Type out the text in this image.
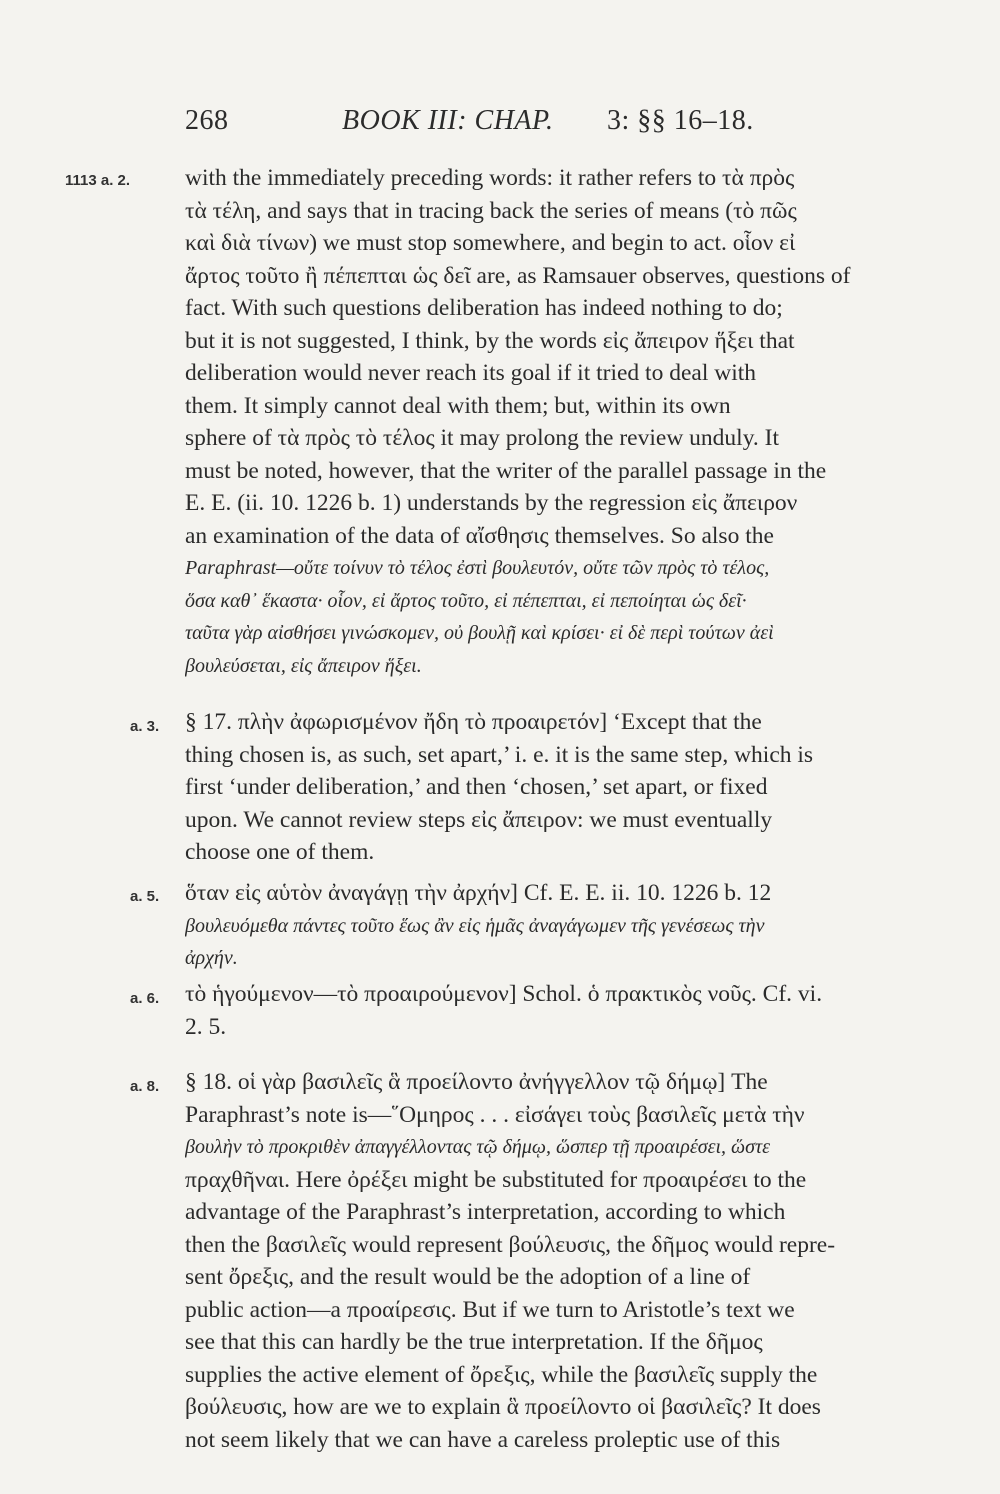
268	BOOK III: CHAP. 3: §§ 16–18.
1113 a. 2. with the immediately preceding words: it rather refers to τὰ πρὸς
τὰ τέλη, and says that in tracing back the series of means (τὸ πῶς
καὶ διὰ τίνων) we must stop somewhere, and begin to act. οἷον εἰ
ἄρτος τοῦτο ἢ πέπεπται ὡς δεῖ are, as Ramsauer observes, questions of
fact. With such questions deliberation has indeed nothing to do;
but it is not suggested, I think, by the words εἰς ἄπειρον ἥξει that
deliberation would never reach its goal if it tried to deal with
them. It simply cannot deal with them; but, within its own
sphere of τὰ πρὸς τὸ τέλος it may prolong the review unduly. It
must be noted, however, that the writer of the parallel passage in the
E. E. (ii. 10. 1226 b. 1) understands by the regression εἰς ἄπειρον
an examination of the data of αἴσθησις themselves. So also the
Paraphrast—οὔτε τοίνυν τὸ τέλος ἐστὶ βουλευτόν, οὔτε τῶν πρὸς τὸ τέλος,
ὅσα καθ᾽ ἕκαστα· οἷον, εἰ ἄρτος τοῦτο, εἰ πέπεπται, εἰ πεποίηται ὡς δεῖ·
ταῦτα γὰρ αἰσθήσει γινώσκομεν, οὐ βουλῇ καὶ κρίσει· εἰ δὲ περὶ τούτων ἀεὶ
βουλεύσεται, εἰς ἄπειρον ἥξει.
a. 3. § 17. πλὴν ἀφωρισμένον ἤδη τὸ προαιρετόν] ‘Except that the
thing chosen is, as such, set apart,’ i. e. it is the same step, which is
first ‘under deliberation,’ and then ‘chosen,’ set apart, or fixed
upon. We cannot review steps εἰς ἄπειρον: we must eventually
choose one of them.
a. 5. ὅταν εἰς αὑτὸν ἀναγάγῃ τὴν ἀρχήν] Cf. E. E. ii. 10. 1226 b. 12
βουλευόμεθα πάντες τοῦτο ἕως ἂν εἰς ἡμᾶς ἀναγάγωμεν τῆς γενέσεως τὴν
ἀρχήν.
a. 6. τὸ ἡγούμενον—τὸ προαιρούμενον] Schol. ὁ πρακτικὸς νοῦς. Cf. vi.
2. 5.
a. 8. § 18. οἱ γὰρ βασιλεῖς ἃ προείλοντο ἀνήγγελλον τῷ δήμῳ] The
Paraphrast’s note is—῞Ομηρος . . . εἰσάγει τοὺς βασιλεῖς μετὰ τὴν
βουλὴν τὸ προκριθὲν ἀπαγγέλλοντας τῷ δήμῳ, ὥσπερ τῇ προαιρέσει, ὥστε
πραχθῆναι. Here ὀρέξει might be substituted for προαιρέσει to the
advantage of the Paraphrast’s interpretation, according to which
then the βασιλεῖς would represent βούλευσις, the δῆμος would repre-
sent ὄρεξις, and the result would be the adoption of a line of
public action—a προαίρεσις. But if we turn to Aristotle’s text we
see that this can hardly be the true interpretation. If the δῆμος
supplies the active element of ὄρεξις, while the βασιλεῖς supply the
βούλευσις, how are we to explain ἃ προείλοντο οἱ βασιλεῖς? It does
not seem likely that we can have a careless proleptic use of this
